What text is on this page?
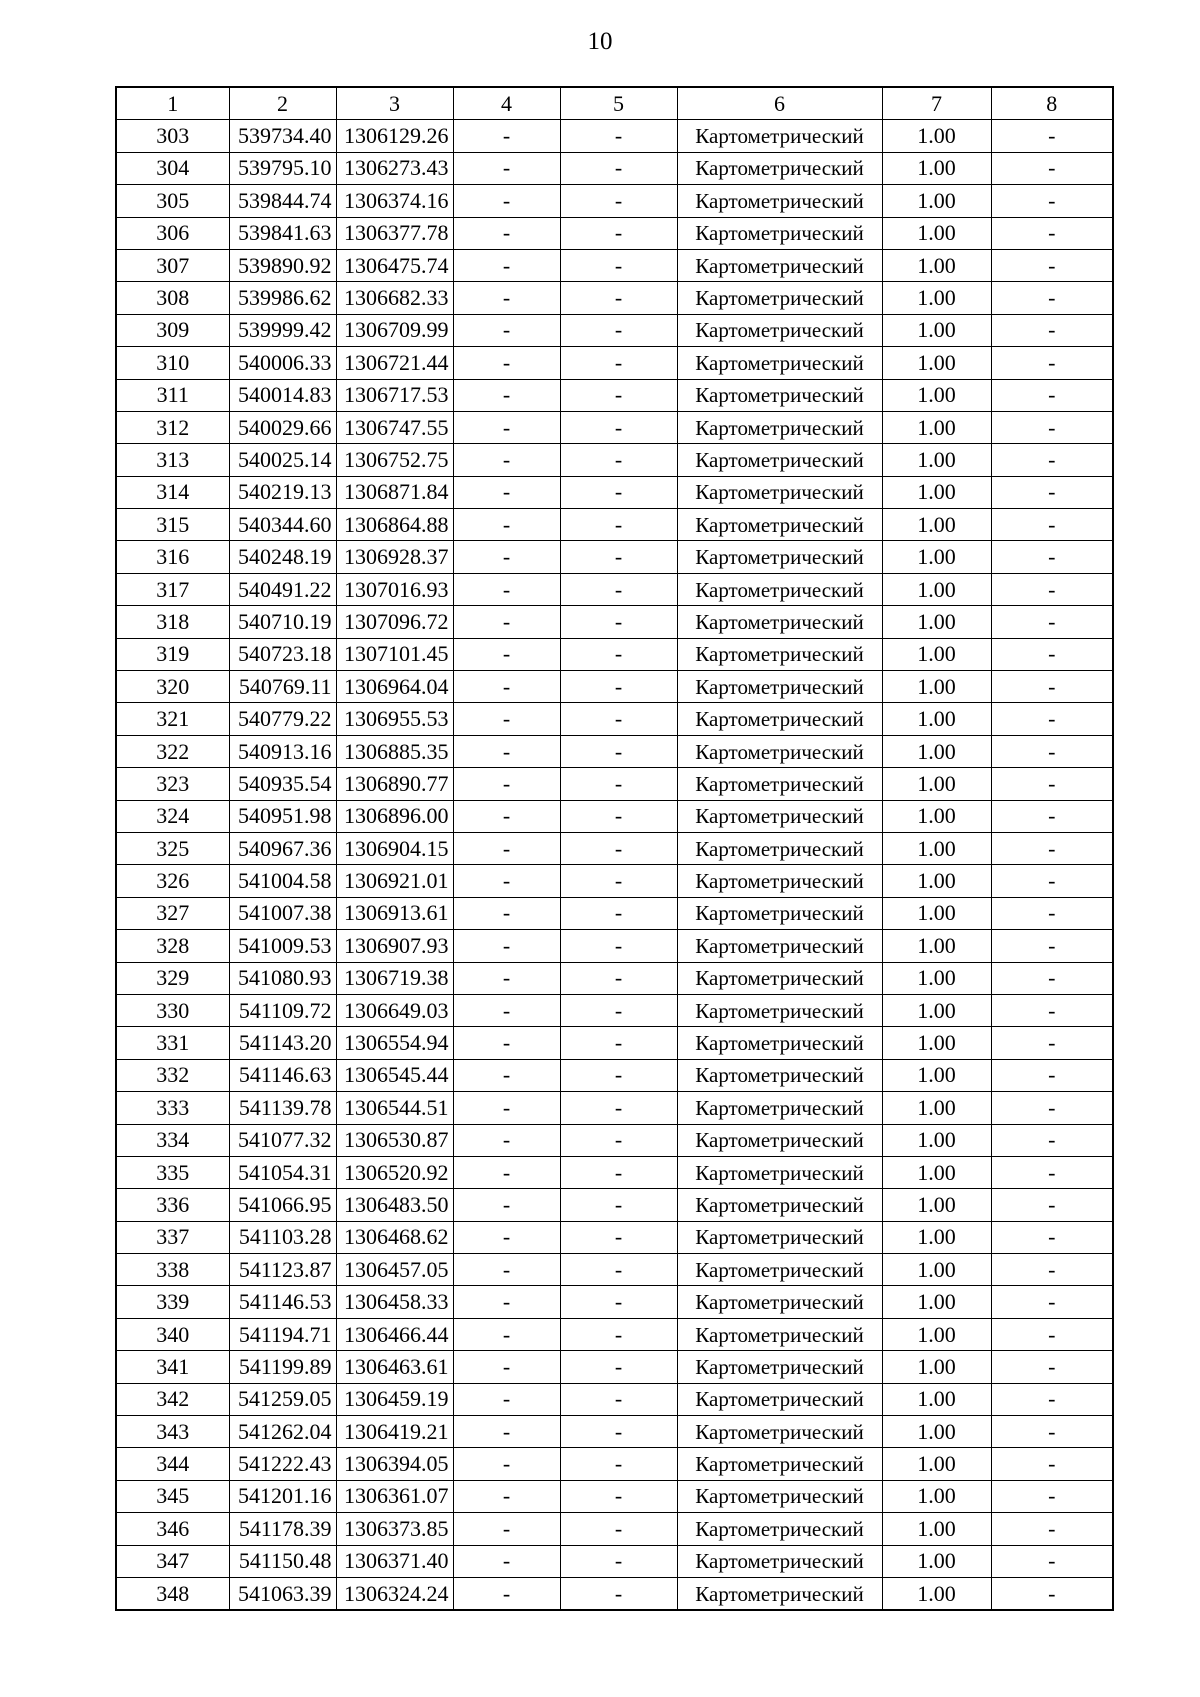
10
1	2	3	4	5	6	7	8
303	539734.40	1306129.26	-	-	Картометрический	1.00	-
304	539795.10	1306273.43	-	-	Картометрический	1.00	-
305	539844.74	1306374.16	-	-	Картометрический	1.00	-
306	539841.63	1306377.78	-	-	Картометрический	1.00	-
307	539890.92	1306475.74	-	-	Картометрический	1.00	-
308	539986.62	1306682.33	-	-	Картометрический	1.00	-
309	539999.42	1306709.99	-	-	Картометрический	1.00	-
310	540006.33	1306721.44	-	-	Картометрический	1.00	-
311	540014.83	1306717.53	-	-	Картометрический	1.00	-
312	540029.66	1306747.55	-	-	Картометрический	1.00	-
313	540025.14	1306752.75	-	-	Картометрический	1.00	-
314	540219.13	1306871.84	-	-	Картометрический	1.00	-
315	540344.60	1306864.88	-	-	Картометрический	1.00	-
316	540248.19	1306928.37	-	-	Картометрический	1.00	-
317	540491.22	1307016.93	-	-	Картометрический	1.00	-
318	540710.19	1307096.72	-	-	Картометрический	1.00	-
319	540723.18	1307101.45	-	-	Картометрический	1.00	-
320	540769.11	1306964.04	-	-	Картометрический	1.00	-
321	540779.22	1306955.53	-	-	Картометрический	1.00	-
322	540913.16	1306885.35	-	-	Картометрический	1.00	-
323	540935.54	1306890.77	-	-	Картометрический	1.00	-
324	540951.98	1306896.00	-	-	Картометрический	1.00	-
325	540967.36	1306904.15	-	-	Картометрический	1.00	-
326	541004.58	1306921.01	-	-	Картометрический	1.00	-
327	541007.38	1306913.61	-	-	Картометрический	1.00	-
328	541009.53	1306907.93	-	-	Картометрический	1.00	-
329	541080.93	1306719.38	-	-	Картометрический	1.00	-
330	541109.72	1306649.03	-	-	Картометрический	1.00	-
331	541143.20	1306554.94	-	-	Картометрический	1.00	-
332	541146.63	1306545.44	-	-	Картометрический	1.00	-
333	541139.78	1306544.51	-	-	Картометрический	1.00	-
334	541077.32	1306530.87	-	-	Картометрический	1.00	-
335	541054.31	1306520.92	-	-	Картометрический	1.00	-
336	541066.95	1306483.50	-	-	Картометрический	1.00	-
337	541103.28	1306468.62	-	-	Картометрический	1.00	-
338	541123.87	1306457.05	-	-	Картометрический	1.00	-
339	541146.53	1306458.33	-	-	Картометрический	1.00	-
340	541194.71	1306466.44	-	-	Картометрический	1.00	-
341	541199.89	1306463.61	-	-	Картометрический	1.00	-
342	541259.05	1306459.19	-	-	Картометрический	1.00	-
343	541262.04	1306419.21	-	-	Картометрический	1.00	-
344	541222.43	1306394.05	-	-	Картометрический	1.00	-
345	541201.16	1306361.07	-	-	Картометрический	1.00	-
346	541178.39	1306373.85	-	-	Картометрический	1.00	-
347	541150.48	1306371.40	-	-	Картометрический	1.00	-
348	541063.39	1306324.24	-	-	Картометрический	1.00	-
